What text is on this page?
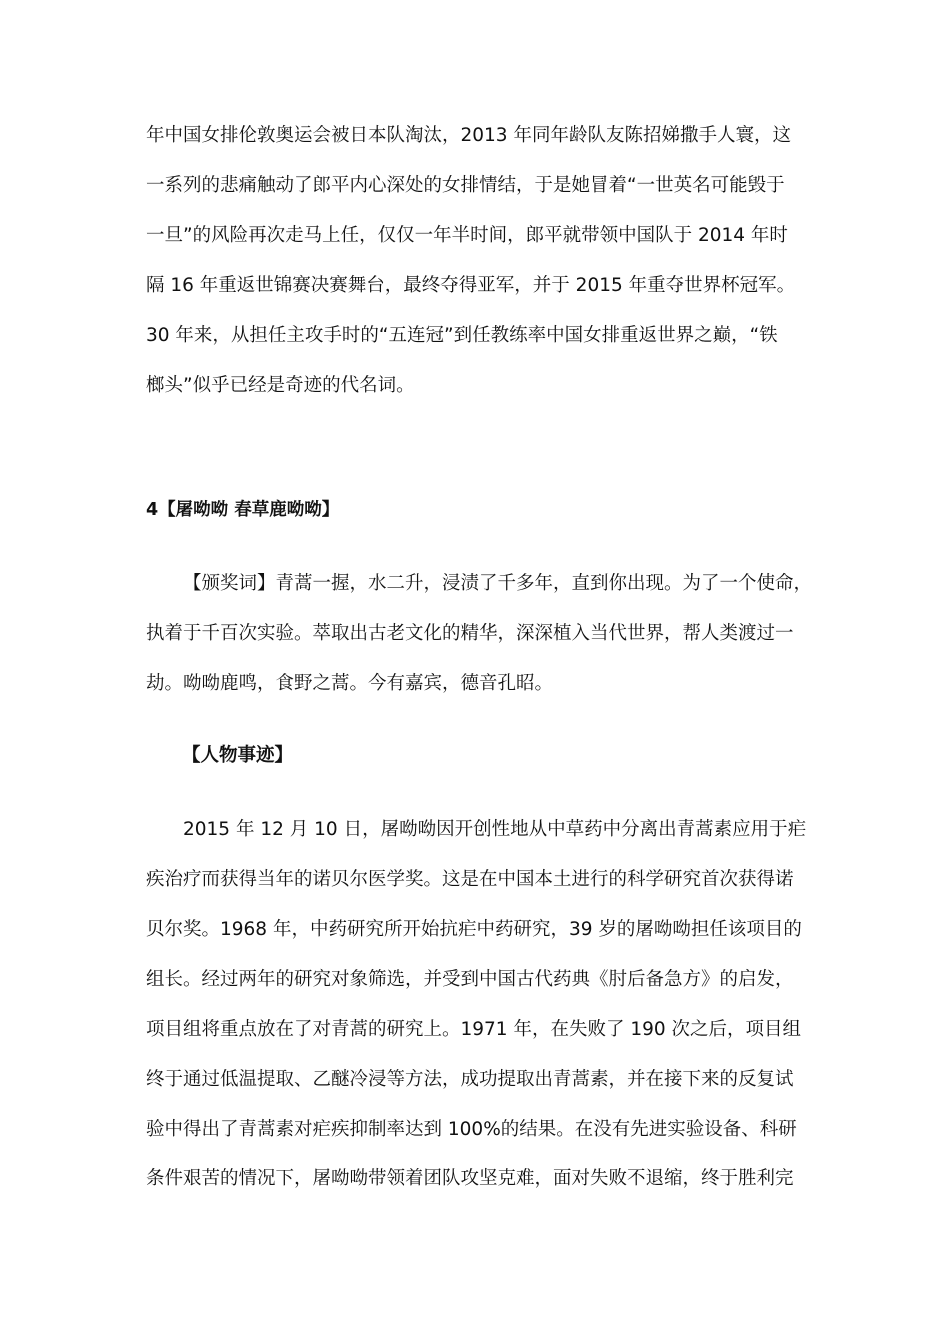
年中国女排伦敦奥运会被日本队淘汰，2013 年同年龄队友陈招娣撒手人寰，这
一系列的悲痛触动了郎平内心深处的女排情结，于是她冒着“一世英名可能毁于
一旦”的风险再次走马上任，仅仅一年半时间，郎平就带领中国队于 2014 年时
隔 16 年重返世锦赛决赛舞台，最终夺得亚军，并于 2015 年重夺世界杯冠军。
30 年来，从担任主攻手时的“五连冠”到任教练率中国女排重返世界之巅，“铁
榔头”似乎已经是奇迹的代名词。
4【屠呦呦 春草鹿呦呦】
【颁奖词】青蒿一握，水二升，浸渍了千多年，直到你出现。为了一个使命，
执着于千百次实验。萃取出古老文化的精华，深深植入当代世界，帮人类渡过一
劫。呦呦鹿鸣，食野之蒿。今有嘉宾，德音孔昭。
【人物事迹】
2015 年 12 月 10 日，屠呦呦因开创性地从中草药中分离出青蒿素应用于疟
疾治疗而获得当年的诺贝尔医学奖。这是在中国本土进行的科学研究首次获得诺
贝尔奖。1968 年，中药研究所开始抗疟中药研究，39 岁的屠呦呦担任该项目的
组长。经过两年的研究对象筛选，并受到中国古代药典《肘后备急方》的启发，
项目组将重点放在了对青蒿的研究上。1971 年，在失败了 190 次之后，项目组
终于通过低温提取、乙醚冷浸等方法，成功提取出青蒿素，并在接下来的反复试
验中得出了青蒿素对疟疾抑制率达到 100%的结果。在没有先进实验设备、科研
条件艰苦的情况下，屠呦呦带领着团队攻坚克难，面对失败不退缩，终于胜利完
